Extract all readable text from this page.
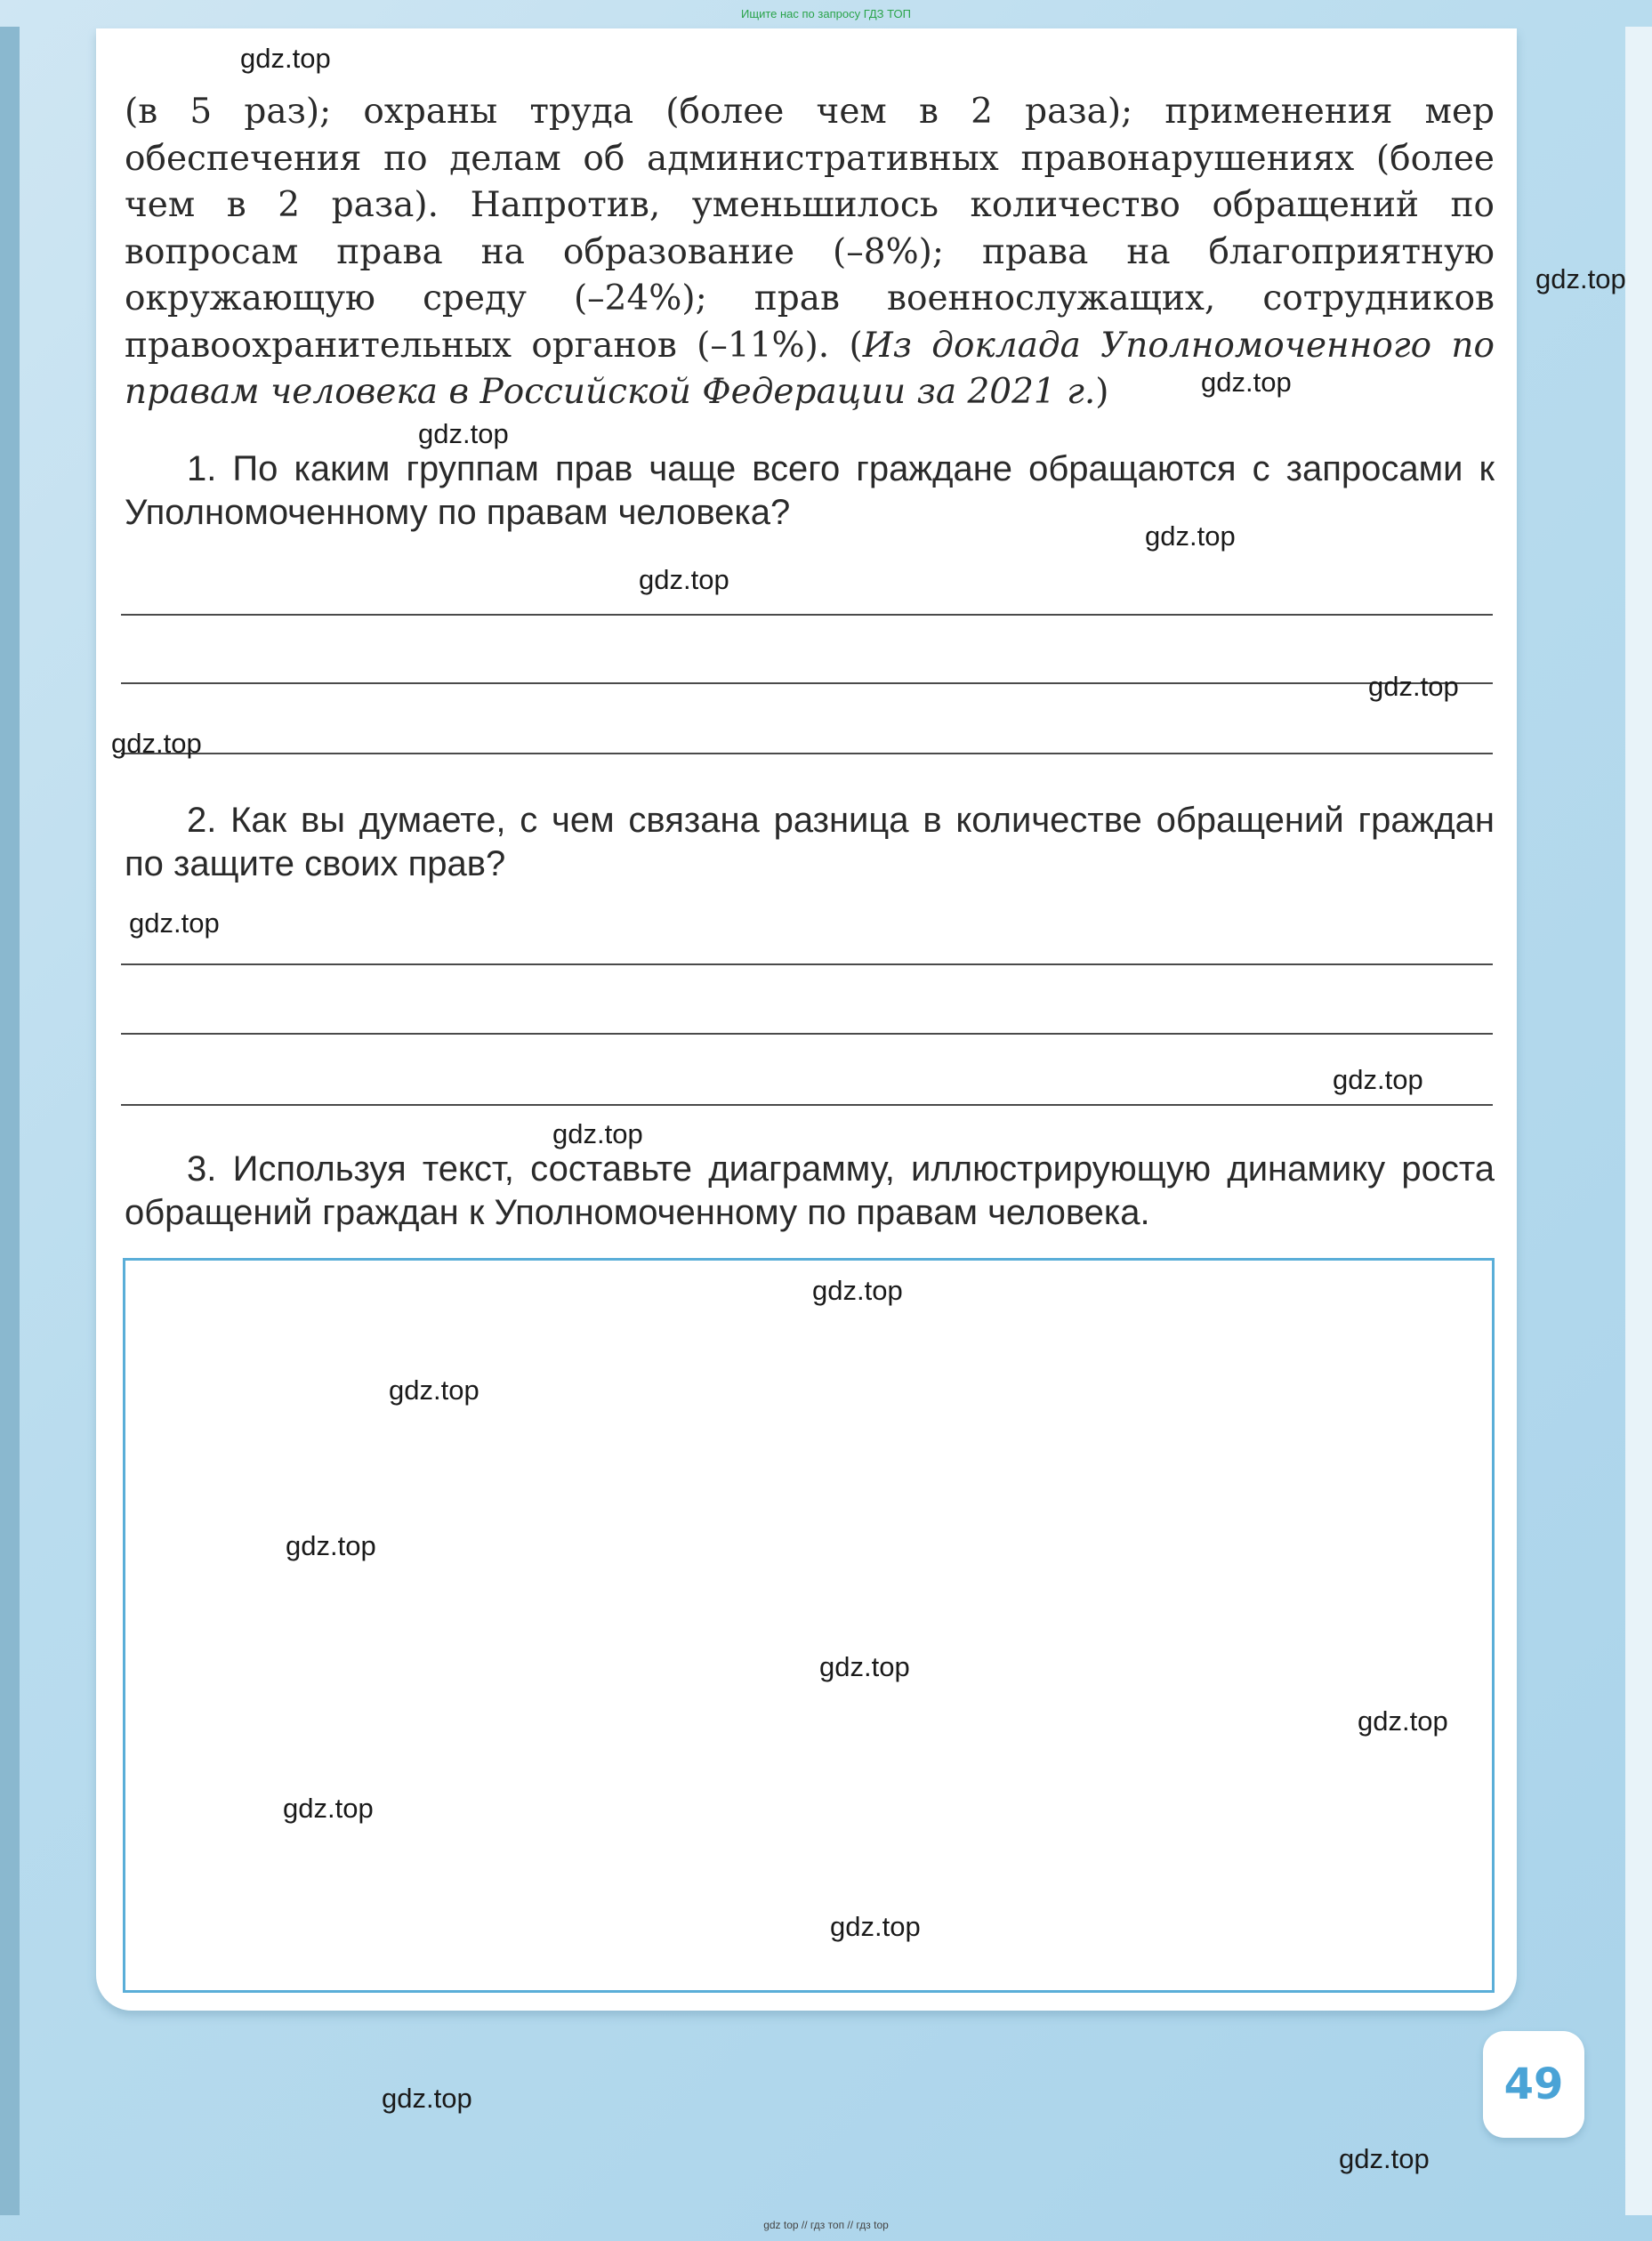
Ищите нас по запросу ГДЗ ТОП
(в 5 раз); охраны труда (более чем в 2 раза); применения мер обеспечения по делам об административных правонарушениях (более чем в 2 раза). Напротив, уменьшилось количество обращений по вопросам права на образование (–8%); права на благоприятную окружающую среду (–24%); прав военнослужащих, сотрудников правоохранительных органов (–11%). (Из доклада Уполномоченного по правам человека в Российской Федерации за 2021 г.)
1. По каким группам прав чаще всего граждане обращаются с запросами к Уполномоченному по правам человека?
2. Как вы думаете, с чем связана разница в количестве обращений граждан по защите своих прав?
3. Используя текст, составьте диаграмму, иллюстрирующую динамику роста обращений граждан к Уполномоченному по правам человека.
49
gdz.top
gdz.top
gdz.top
gdz.top
gdz.top
gdz.top
gdz.top
gdz.top
gdz.top
gdz.top
gdz.top
gdz.top
gdz.top
gdz.top
gdz.top
gdz.top
gdz.top
gdz.top
gdz.top
gdz.top
gdz top // гдз топ // гдз top
